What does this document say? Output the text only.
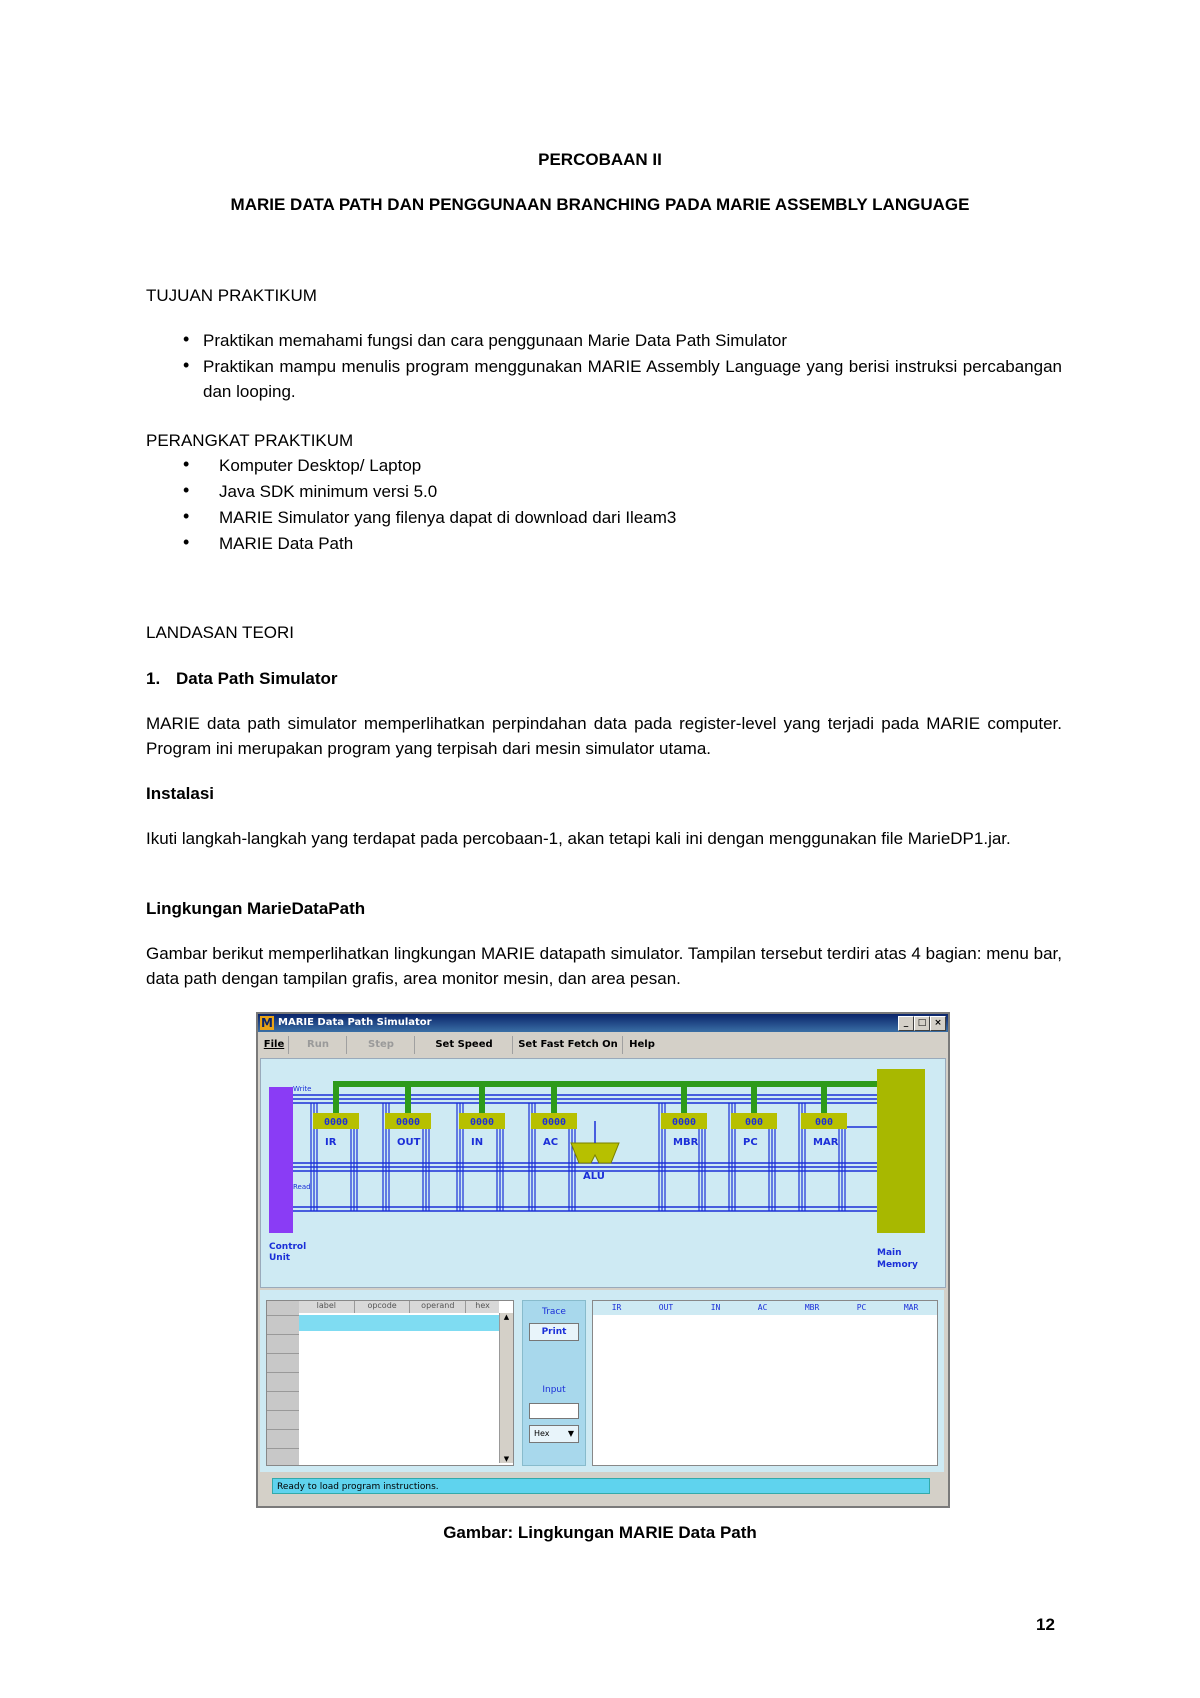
PERCOBAAN II
MARIE DATA PATH DAN PENGGUNAAN BRANCHING PADA MARIE ASSEMBLY LANGUAGE
TUJUAN PRAKTIKUM
• Praktikan memahami fungsi dan cara penggunaan Marie Data Path Simulator
• Praktikan mampu menulis program menggunakan MARIE Assembly Language yang berisi instruksi percabangan dan looping.
PERANGKAT PRAKTIKUM
• Komputer Desktop/ Laptop
• Java SDK minimum versi 5.0
• MARIE Simulator yang filenya dapat di download dari Ileam3
• MARIE Data Path
LANDASAN TEORI
1. Data Path Simulator
MARIE data path simulator memperlihatkan perpindahan data pada register-level yang terjadi pada MARIE computer. Program ini merupakan program yang terpisah dari mesin simulator utama.
Instalasi
Ikuti langkah-langkah yang terdapat pada percobaan-1, akan tetapi kali ini dengan menggunakan file MarieDP1.jar.
Lingkungan MarieDataPath
Gambar berikut memperlihatkan lingkungan MARIE datapath simulator. Tampilan tersebut terdiri atas 4 bagian: menu bar, data path dengan tampilan grafis, area monitor mesin, dan area pesan.
M MARIE Data Path Simulator	_	□ ×
File	Run	Step	Set Speed	Set Fast Fetch On	Help
Write
Read
Control
Unit	Main
Memory
0000
IR
0000
OUT
0000
IN
0000
AC
0000
MBR
000
PC
000
MAR
ALU
label	opcode	operand	hex
▲
▼
Trace
Print
Input
Hex ▼
IR	OUT	IN	AC	MBR	PC	MAR
Ready to load program instructions.
Gambar: Lingkungan MARIE Data Path
12
